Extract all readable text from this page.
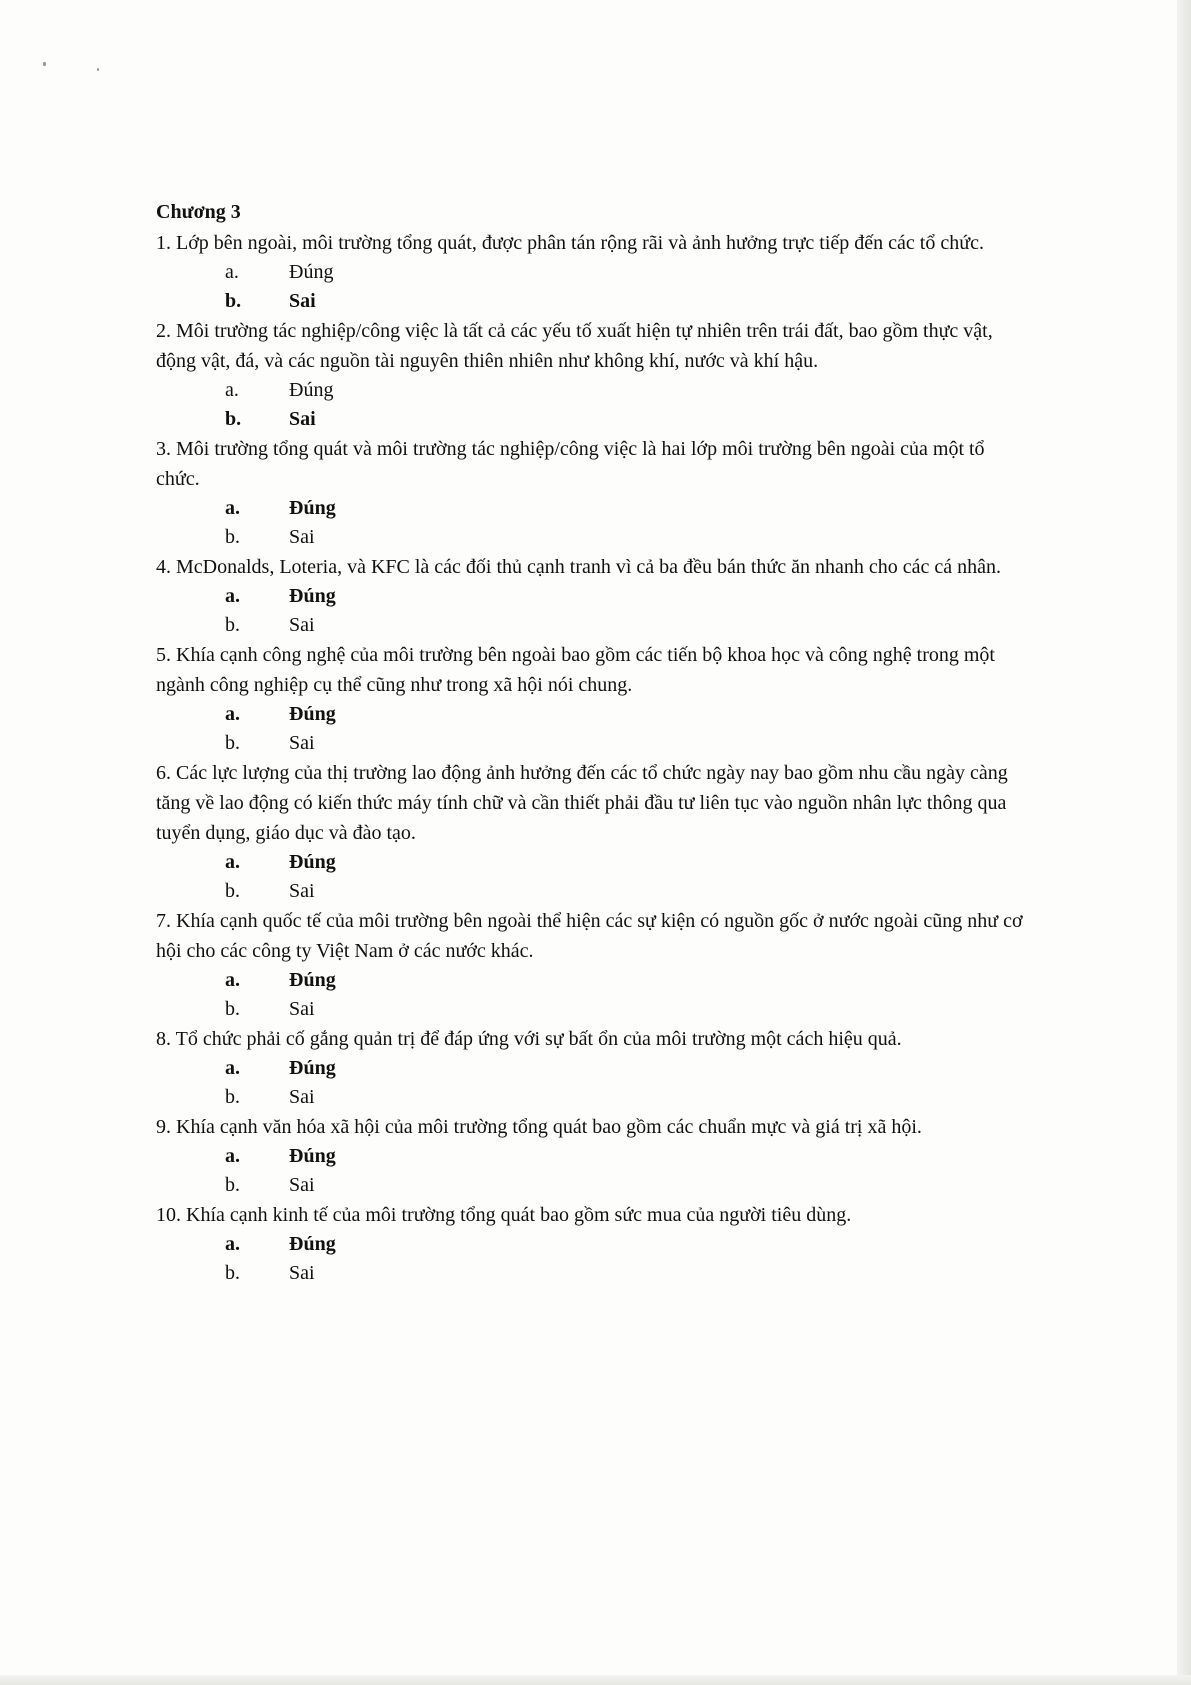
Chương 3

1. Lớp bên ngoài, môi trường tổng quát, được phân tán rộng rãi và ảnh hưởng trực tiếp đến các tổ chức.

a.	Đúng
b. Sai

2. Môi trường tác nghiệp/công việc là tất cả các yếu tố xuất hiện tự nhiên trên trái đất, bao gồm thực vật, động vật, đá, và các nguồn tài nguyên thiên nhiên như không khí, nước và khí hậu.

a.	Đúng
b. Sai

3. Môi trường tổng quát và môi trường tác nghiệp/công việc là hai lớp môi trường bên ngoài của một tổ chức.

a. Đúng
b. Sai

4. McDonalds, Loteria, và KFC là các đối thủ cạnh tranh vì cả ba đều bán thức ăn nhanh cho các cá nhân.

a. Đúng
b. Sai

5. Khía cạnh công nghệ của môi trường bên ngoài bao gồm các tiến bộ khoa học và công nghệ trong một ngành công nghiệp cụ thể cũng như trong xã hội nói chung.

a. Đúng
b. Sai

6. Các lực lượng của thị trường lao động ảnh hưởng đến các tổ chức ngày nay bao gồm nhu cầu ngày càng tăng về lao động có kiến thức máy tính chữ và cần thiết phải đầu tư liên tục vào nguồn nhân lực thông qua tuyển dụng, giáo dục và đào tạo.

a. Đúng
b. Sai

7. Khía cạnh quốc tế của môi trường bên ngoài thể hiện các sự kiện có nguồn gốc ở nước ngoài cũng như cơ hội cho các công ty Việt Nam ở các nước khác.

a. Đúng
b. Sai

8. Tổ chức phải cố gắng quản trị để đáp ứng với sự bất ổn của môi trường một cách hiệu quả.

a. Đúng
b. Sai

9. Khía cạnh văn hóa xã hội của môi trường tổng quát bao gồm các chuẩn mực và giá trị xã hội.

a. Đúng
b. Sai

10. Khía cạnh kinh tế của môi trường tổng quát bao gồm sức mua của người tiêu dùng.

a. Đúng
b. Sai
